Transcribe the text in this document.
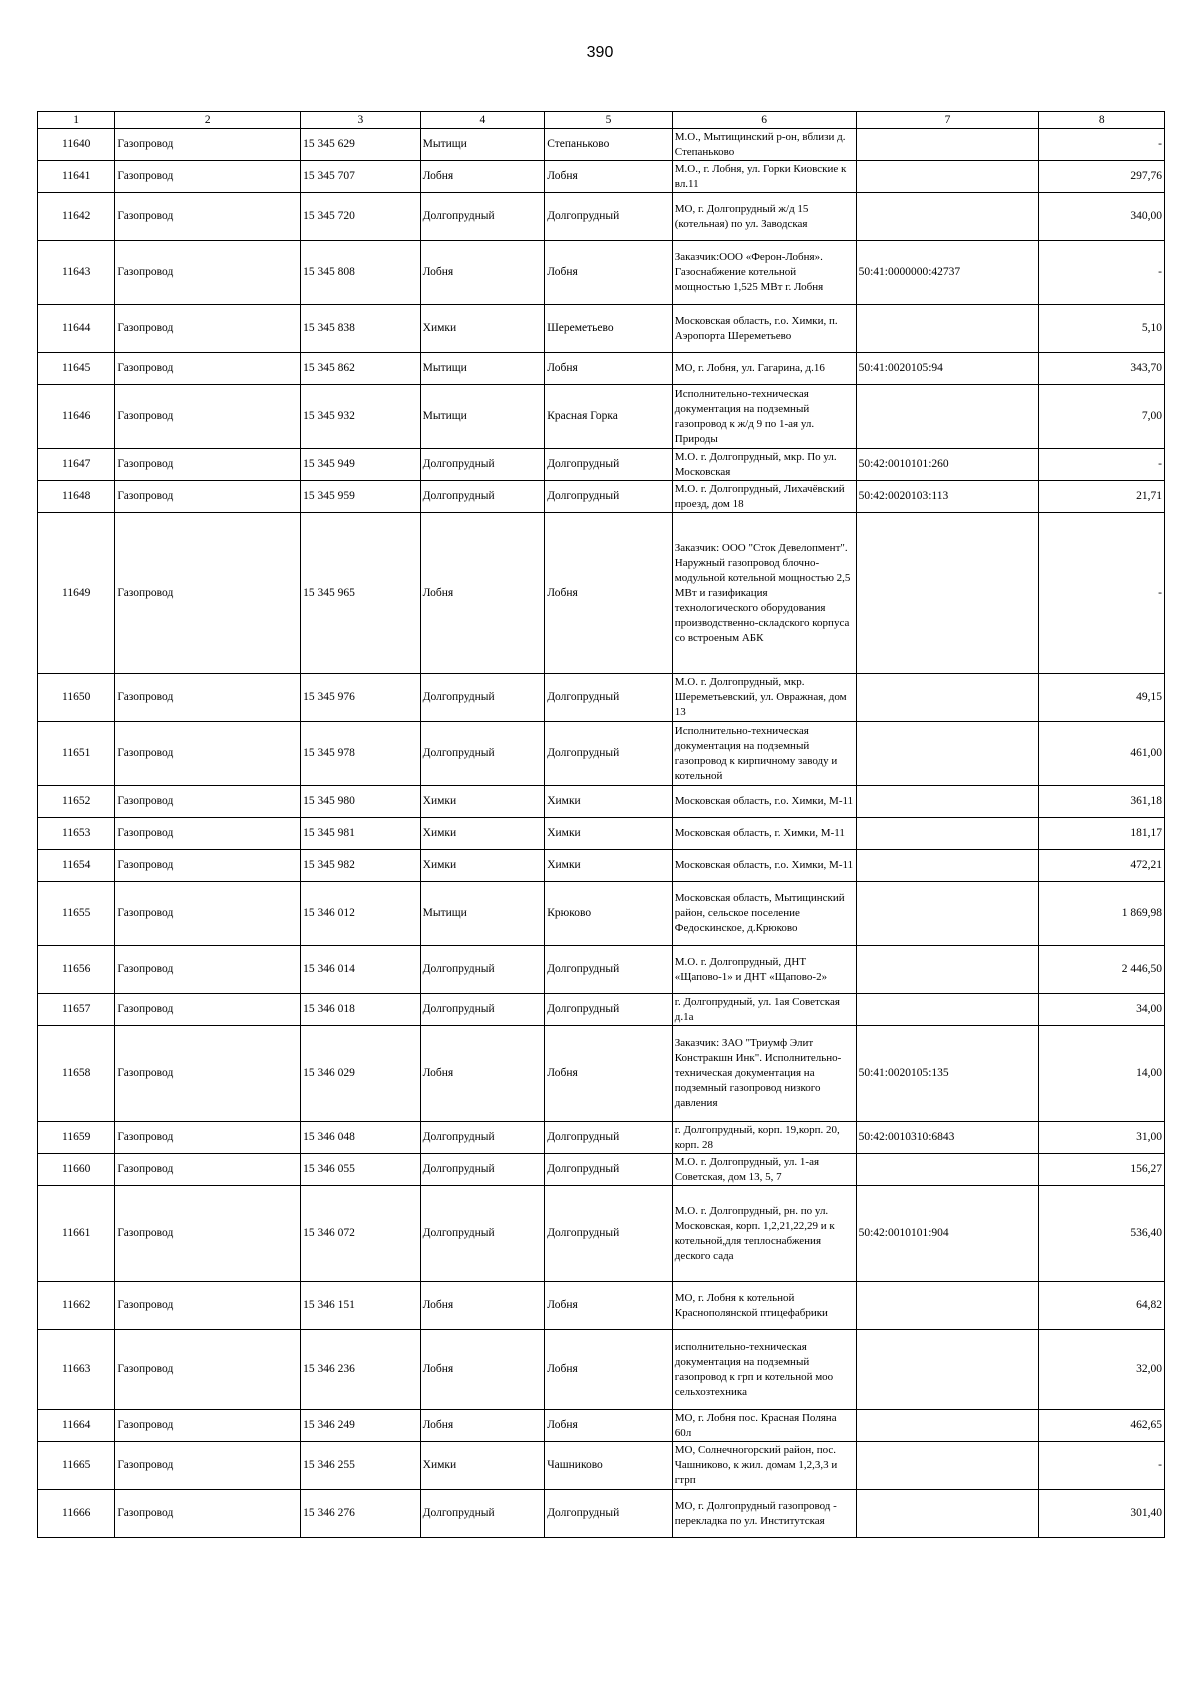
390
1	2	3	4	5	6	7	8
11640	Газопровод	15 345 629	Мытищи	Степаньково	М.О., Мытищинский р-он, вблизи д. Степаньково		-
11641	Газопровод	15 345 707	Лобня	Лобня	М.О., г. Лобня, ул. Горки Киовские к вл.11		297,76
11642	Газопровод	15 345 720	Долгопрудный	Долгопрудный	МО, г. Долгопрудный ж/д 15 (котельная) по ул. Заводская		340,00
11643	Газопровод	15 345 808	Лобня	Лобня	Заказчик:ООО «Ферон-Лобня». Газоснабжение котельной мощностью 1,525 МВт г. Лобня	50:41:0000000:42737	-
11644	Газопровод	15 345 838	Химки	Шереметьево	Московская область, г.о. Химки, п. Аэропорта Шереметьево		5,10
11645	Газопровод	15 345 862	Мытищи	Лобня	МО, г. Лобня, ул. Гагарина, д.16	50:41:0020105:94	343,70
11646	Газопровод	15 345 932	Мытищи	Красная Горка	Исполнительно-техническая документация на подземный газопровод к ж/д 9 по 1-ая ул. Природы		7,00
11647	Газопровод	15 345 949	Долгопрудный	Долгопрудный	М.О. г. Долгопрудный, мкр. По ул. Московская	50:42:0010101:260	-
11648	Газопровод	15 345 959	Долгопрудный	Долгопрудный	М.О. г. Долгопрудный, Лихачёвский проезд, дом 18	50:42:0020103:113	21,71
11649	Газопровод	15 345 965	Лобня	Лобня	Заказчик: ООО "Сток Девелопмент". Наружный газопровод блочно-модульной котельной мощностью 2,5 МВт и газификация технологического оборудования производственно-складского корпуса со встроеным АБК		-
11650	Газопровод	15 345 976	Долгопрудный	Долгопрудный	М.О. г. Долгопрудный, мкр. Шереметьевский, ул. Овражная, дом 13		49,15
11651	Газопровод	15 345 978	Долгопрудный	Долгопрудный	Исполнительно-техническая документация на подземный газопровод к кирпичному заводу и котельной		461,00
11652	Газопровод	15 345 980	Химки	Химки	Московская область, г.о. Химки, М-11		361,18
11653	Газопровод	15 345 981	Химки	Химки	Московская область, г. Химки, М-11		181,17
11654	Газопровод	15 345 982	Химки	Химки	Московская область, г.о. Химки, М-11		472,21
11655	Газопровод	15 346 012	Мытищи	Крюково	Московская область, Мытищинский район, сельское поселение Федоскинское, д.Крюково		1 869,98
11656	Газопровод	15 346 014	Долгопрудный	Долгопрудный	М.О. г. Долгопрудный, ДНТ «Щапово-1» и ДНТ «Щапово-2»		2 446,50
11657	Газопровод	15 346 018	Долгопрудный	Долгопрудный	г. Долгопрудный, ул. 1ая Советская д.1а		34,00
11658	Газопровод	15 346 029	Лобня	Лобня	Заказчик: ЗАО "Триумф Элит Констракшн Инк". Исполнительно-техническая документация на подземный газопровод низкого давления	50:41:0020105:135	14,00
11659	Газопровод	15 346 048	Долгопрудный	Долгопрудный	г. Долгопрудный, корп. 19,корп. 20, корп. 28	50:42:0010310:6843	31,00
11660	Газопровод	15 346 055	Долгопрудный	Долгопрудный	М.О. г. Долгопрудный, ул. 1-ая Советская, дом 13, 5, 7		156,27
11661	Газопровод	15 346 072	Долгопрудный	Долгопрудный	М.О. г. Долгопрудный, рн. по ул. Московская, корп. 1,2,21,22,29 и к котельной,для теплоснабжения деского сада	50:42:0010101:904	536,40
11662	Газопровод	15 346 151	Лобня	Лобня	МО, г. Лобня к котельной Краснополянской птицефабрики		64,82
11663	Газопровод	15 346 236	Лобня	Лобня	исполнительно-техническая документация на подземный газопровод к грп и котельной моо сельхозтехника		32,00
11664	Газопровод	15 346 249	Лобня	Лобня	МО, г. Лобня пос. Красная Поляна 60л		462,65
11665	Газопровод	15 346 255	Химки	Чашниково	МО, Солнечногорский район, пос. Чашниково, к жил. домам 1,2,3,3 и гтрп		-
11666	Газопровод	15 346 276	Долгопрудный	Долгопрудный	МО, г. Долгопрудный газопровод - перекладка по ул. Институтская		301,40
